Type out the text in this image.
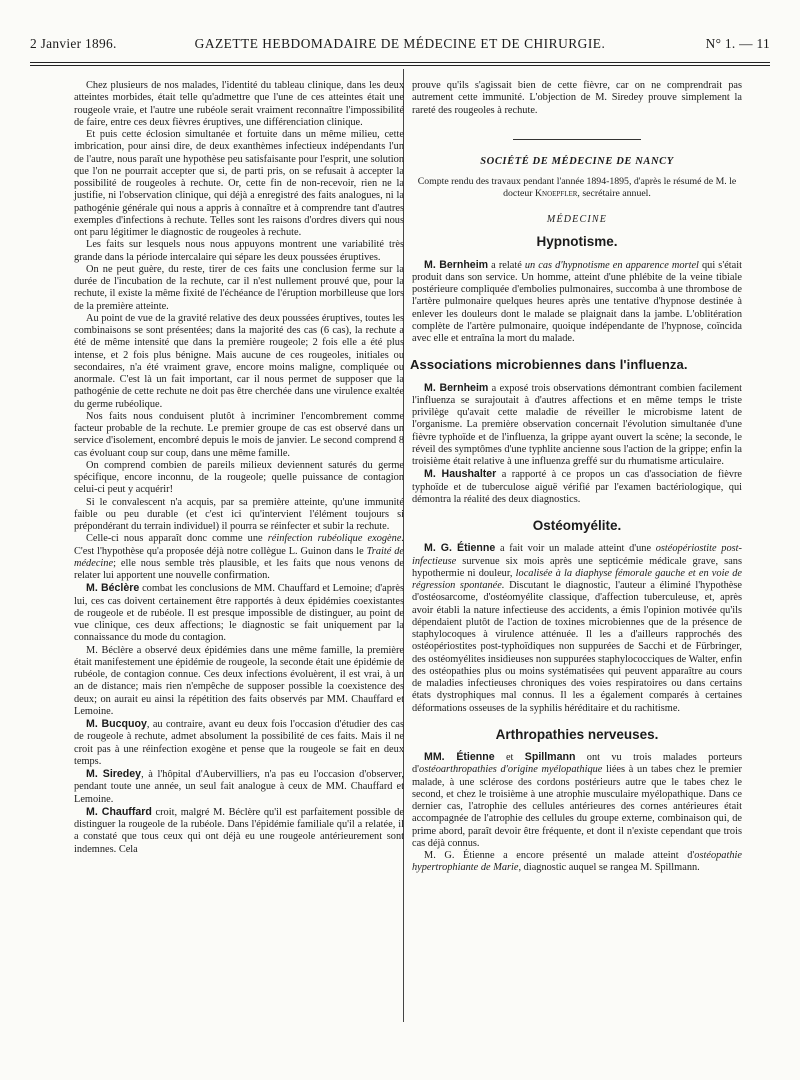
2 Janvier 1896.	GAZETTE HEBDOMADAIRE DE MÉDECINE ET DE CHIRURGIE.	N° 1. — 11

Chez plusieurs de nos malades, l'identité du tableau clinique, dans les deux atteintes morbides, était telle qu'admettre que l'une de ces atteintes était une rougeole vraie, et l'autre une rubéole serait vraiment reconnaître l'impossibilité de faire, entre ces deux fièvres éruptives, une différenciation clinique.

Et puis cette éclosion simultanée et fortuite dans un même milieu, cette imbrication, pour ainsi dire, de deux exanthèmes infectieux indépendants l'un de l'autre, nous paraît une hypothèse peu satisfaisante pour l'esprit, une solution que l'on ne pourrait accepter que si, de parti pris, on se refusait à accepter la possibilité de rougeoles à rechute. Or, cette fin de non-recevoir, rien ne la justifie, ni l'observation clinique, qui déjà a enregistré des faits analogues, ni la pathogénie générale qui nous a appris à connaître et à comprendre tant d'autres exemples d'infections à rechute. Telles sont les raisons d'ordres divers qui nous ont paru légitimer le diagnostic de rougeoles à rechute.

Les faits sur lesquels nous nous appuyons montrent une variabilité très grande dans la période intercalaire qui sépare les deux poussées éruptives.

On ne peut guère, du reste, tirer de ces faits une conclusion ferme sur la durée de l'incubation de la rechute, car il n'est nullement prouvé que, pour la rechute, il existe la même fixité de l'échéance de l'éruption morbilleuse que lors de la première atteinte.

Au point de vue de la gravité relative des deux poussées éruptives, toutes les combinaisons se sont présentées; dans la majorité des cas (6 cas), la rechute a été de même intensité que dans la première rougeole; 2 fois elle a été plus intense, et 2 fois plus bénigne. Mais aucune de ces rougeoles, initiales ou secondaires, n'a été vraiment grave, encore moins maligne, compliquée ou anormale. C'est là un fait important, car il nous permet de supposer que la pathogénie de cette rechute ne doit pas être cherchée dans une virulence exaltée du germe rubéolique.

Nos faits nous conduisent plutôt à incriminer l'encombrement comme facteur probable de la rechute. Le premier groupe de cas est observé dans un service d'isolement, encombré depuis le mois de janvier. Le second comprend 8 cas évoluant coup sur coup, dans une même famille.

On comprend combien de pareils milieux deviennent saturés du germe spécifique, encore inconnu, de la rougeole; quelle puissance de contagion celui-ci peut y acquérir!

Si le convalescent n'a acquis, par sa première atteinte, qu'une immunité faible ou peu durable (et c'est ici qu'intervient l'élément toujours si prépondérant du terrain individuel) il pourra se réinfecter et subir la rechute.

Celle-ci nous apparaît donc comme une réinfection rubéolique exogène. C'est l'hypothèse qu'a proposée déjà notre collègue L. Guinon dans le Traité de médecine; elle nous semble très plausible, et les faits que nous venons de relater lui apportent une nouvelle confirmation.

M. Béclère combat les conclusions de MM. Chauffard et Lemoine; d'après lui, ces cas doivent certainement être rapportés à deux épidémies coexistantes de rougeole et de rubéole. Il est presque impossible de distinguer, au point de vue clinique, ces deux affections; le diagnostic se fait uniquement par la connaissance du mode du contagion.

M. Béclère a observé deux épidémies dans une même famille, la première était manifestement une épidémie de rougeole, la seconde était une épidémie de rubéole, de contagion connue. Ces deux infections évoluèrent, il est vrai, à un an de distance; mais rien n'empêche de supposer possible la coexistence des deux; on aurait eu ainsi la répétition des faits observés par MM. Chauffard et Lemoine.

M. Bucquoy, au contraire, avant eu deux fois l'occasion d'étudier des cas de rougeole à rechute, admet absolument la possibilité de ces faits. Mais il ne croit pas à une réinfection exogène et pense que la rougeole se fait en deux temps.

M. Siredey, à l'hôpital d'Aubervilliers, n'a pas eu l'occasion d'observer, pendant toute une année, un seul fait analogue à ceux de MM. Chauffard et Lemoine.

M. Chauffard croit, malgré M. Béclère qu'il est parfaitement possible de distinguer la rougeole de la rubéole. Dans l'épidémie familiale qu'il a relatée, il a constaté que tous ceux qui ont déjà eu une rougeole antérieurement sont indemnes. Cela

prouve qu'ils s'agissait bien de cette fièvre, car on ne comprendrait pas autrement cette immunité. L'objection de M. Siredey prouve simplement la rareté des rougeoles à rechute.

SOCIÉTÉ DE MÉDECINE DE NANCY
Compte rendu des travaux pendant l'année 1894-1895, d'après le résumé de M. le docteur Knoepfler, secrétaire annuel.
MÉDECINE
Hypnotisme.

M. Bernheim a relaté un cas d'hypnotisme en apparence mortel qui s'était produit dans son service. Un homme, atteint d'une phlébite de la veine tibiale postérieure compliquée d'embolies pulmonaires, succomba à une thrombose de l'artère pulmonaire quelques heures après une tentative d'hypnose destinée à enlever les douleurs dont le malade se plaignait dans la jambe. L'oblitération complète de l'artère pulmonaire, quoique indépendante de l'hypnose, coïncida avec elle et entraîna la mort du malade.

Associations microbiennes dans l'influenza.

M. Bernheim a exposé trois observations démontrant combien facilement l'influenza se surajoutait à d'autres affections et en même temps le triste privilège qu'avait cette maladie de réveiller le microbisme latent de l'organisme. La première observation concernait l'évolution simultanée d'une fièvre typhoïde et de l'influenza, la grippe ayant ouvert la scène; la seconde, le réveil des symptômes d'une typhlite ancienne sous l'action de la grippe; enfin la troisième était relative à une influenza greffé sur du rhumatisme articulaire.

M. Haushalter a rapporté à ce propos un cas d'association de fièvre typhoïde et de tuberculose aiguë vérifié par l'examen bactériologique, qui démontra la réalité des deux diagnostics.

Ostéomyélite.

M. G. Étienne a fait voir un malade atteint d'une ostéopériostite post-infectieuse survenue six mois après une septicémie médicale grave, sans hypothermie ni douleur, localisée à la diaphyse fémorale gauche et en voie de régression spontanée. Discutant le diagnostic, l'auteur a éliminé l'hypothèse d'ostéosarcome, d'ostéomyélite classique, d'affection tuberculeuse, et, après avoir établi la nature infectieuse des accidents, a émis l'opinion motivée qu'ils dépendaient plutôt de l'action de toxines microbiennes que de la présence de staphylocoques à virulence atténuée. Il les a d'ailleurs rapprochés des ostéopériostites post-typhoïdiques non suppurées de Sacchi et de Fürbringer, des ostéomyélites insidieuses non suppurées staphylococciques de Walter, enfin des ostéopathies plus ou moins systématisées qui peuvent apparaître au cours de maladies infectieuses chroniques des voies respiratoires ou dans certains états dystrophiques mal connus. Il les a également comparés à certaines déformations osseuses de la syphilis héréditaire et du rachitisme.

Arthropathies nerveuses.

MM. Étienne et Spillmann ont vu trois malades porteurs d'ostéoarthropathies d'origine myélopathique liées à un tabes chez le premier malade, à une sclérose des cordons postérieurs autre que le tabes chez le second, et chez le troisième à une atrophie musculaire myélopathique. Dans ce dernier cas, l'atrophie des cellules antérieures des cornes antérieures était accompagnée de l'atrophie des cellules du groupe externe, combinaison qui, de prime abord, paraît devoir être fréquente, et dont il n'existe cependant que trois cas déjà connus.

M. G. Étienne a encore présenté un malade atteint d'ostéopathie hypertrophiante de Marie, diagnostic auquel se rangea M. Spillmann.
